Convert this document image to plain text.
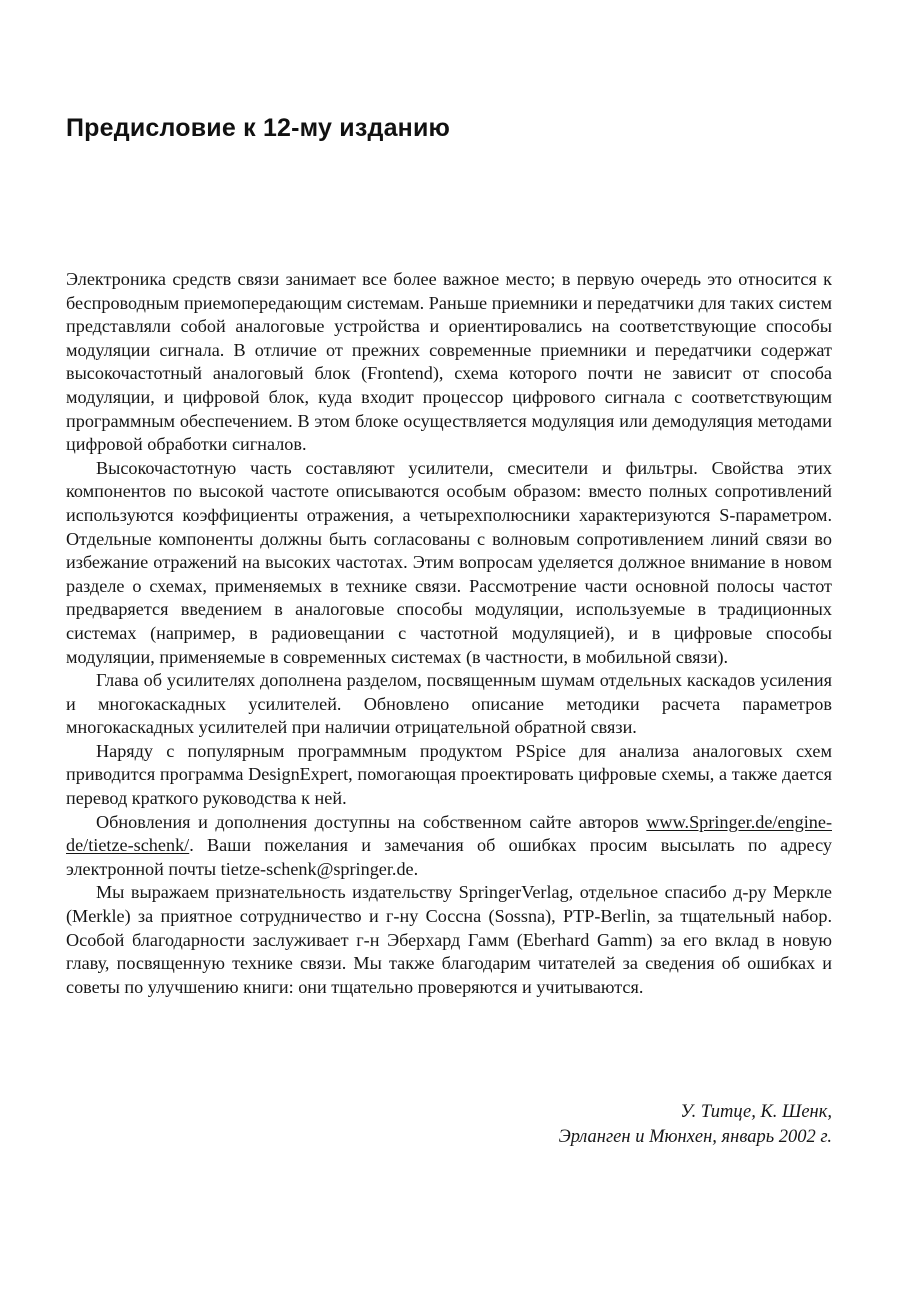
Предисловие к 12-му изданию

Электроника средств связи занимает все более важное место; в первую очередь это относится к беспроводным приемопередающим системам. Раньше приемники и передатчики для таких систем представляли собой аналоговые устройства и ориентировались на соответствующие способы модуляции сигнала. В отличие от прежних современные приемники и передатчики содержат высокочастотный аналоговый блок (Frontend), схема которого почти не зависит от способа модуляции, и цифровой блок, куда входит процессор цифрового сигнала с соответствующим программным обеспечением. В этом блоке осуществляется модуляция или демодуляция методами цифровой обработки сигналов.

Высокочастотную часть составляют усилители, смесители и фильтры. Свойства этих компонентов по высокой частоте описываются особым образом: вместо полных сопротивлений используются коэффициенты отражения, а четырехполюсники характеризуются S-параметром. Отдельные компоненты должны быть согласованы с волновым сопротивлением линий связи во избежание отражений на высоких частотах. Этим вопросам уделяется должное внимание в новом разделе о схемах, применяемых в технике связи. Рассмотрение части основной полосы частот предваряется введением в аналоговые способы модуляции, используемые в традиционных системах (например, в радиовещании с частотной модуляцией), и в цифровые способы модуляции, применяемые в современных системах (в частности, в мобильной связи).

Глава об усилителях дополнена разделом, посвященным шумам отдельных каскадов усиления и многокаскадных усилителей. Обновлено описание методики расчета параметров многокаскадных усилителей при наличии отрицательной обратной связи.

Наряду с популярным программным продуктом PSpice для анализа аналоговых схем приводится программа DesignExpert, помогающая проектировать цифровые схемы, а также дается перевод краткого руководства к ней.

Обновления и дополнения доступны на собственном сайте авторов www.Springer.de/engine-de/tietze-schenk/. Ваши пожелания и замечания об ошибках просим высылать по адресу электронной почты tietze-schenk@springer.de.

Мы выражаем признательность издательству SpringerVerlag, отдельное спасибо д-ру Меркле (Merkle) за приятное сотрудничество и г-ну Соссна (Sossna), PTP-Berlin, за тщательный набор. Особой благодарности заслуживает г-н Эберхард Гамм (Eberhard Gamm) за его вклад в новую главу, посвященную технике связи. Мы также благодарим читателей за сведения об ошибках и советы по улучшению книги: они тщательно проверяются и учитываются.

У. Титце, К. Шенк,
Эрланген и Мюнхен, январь 2002 г.
